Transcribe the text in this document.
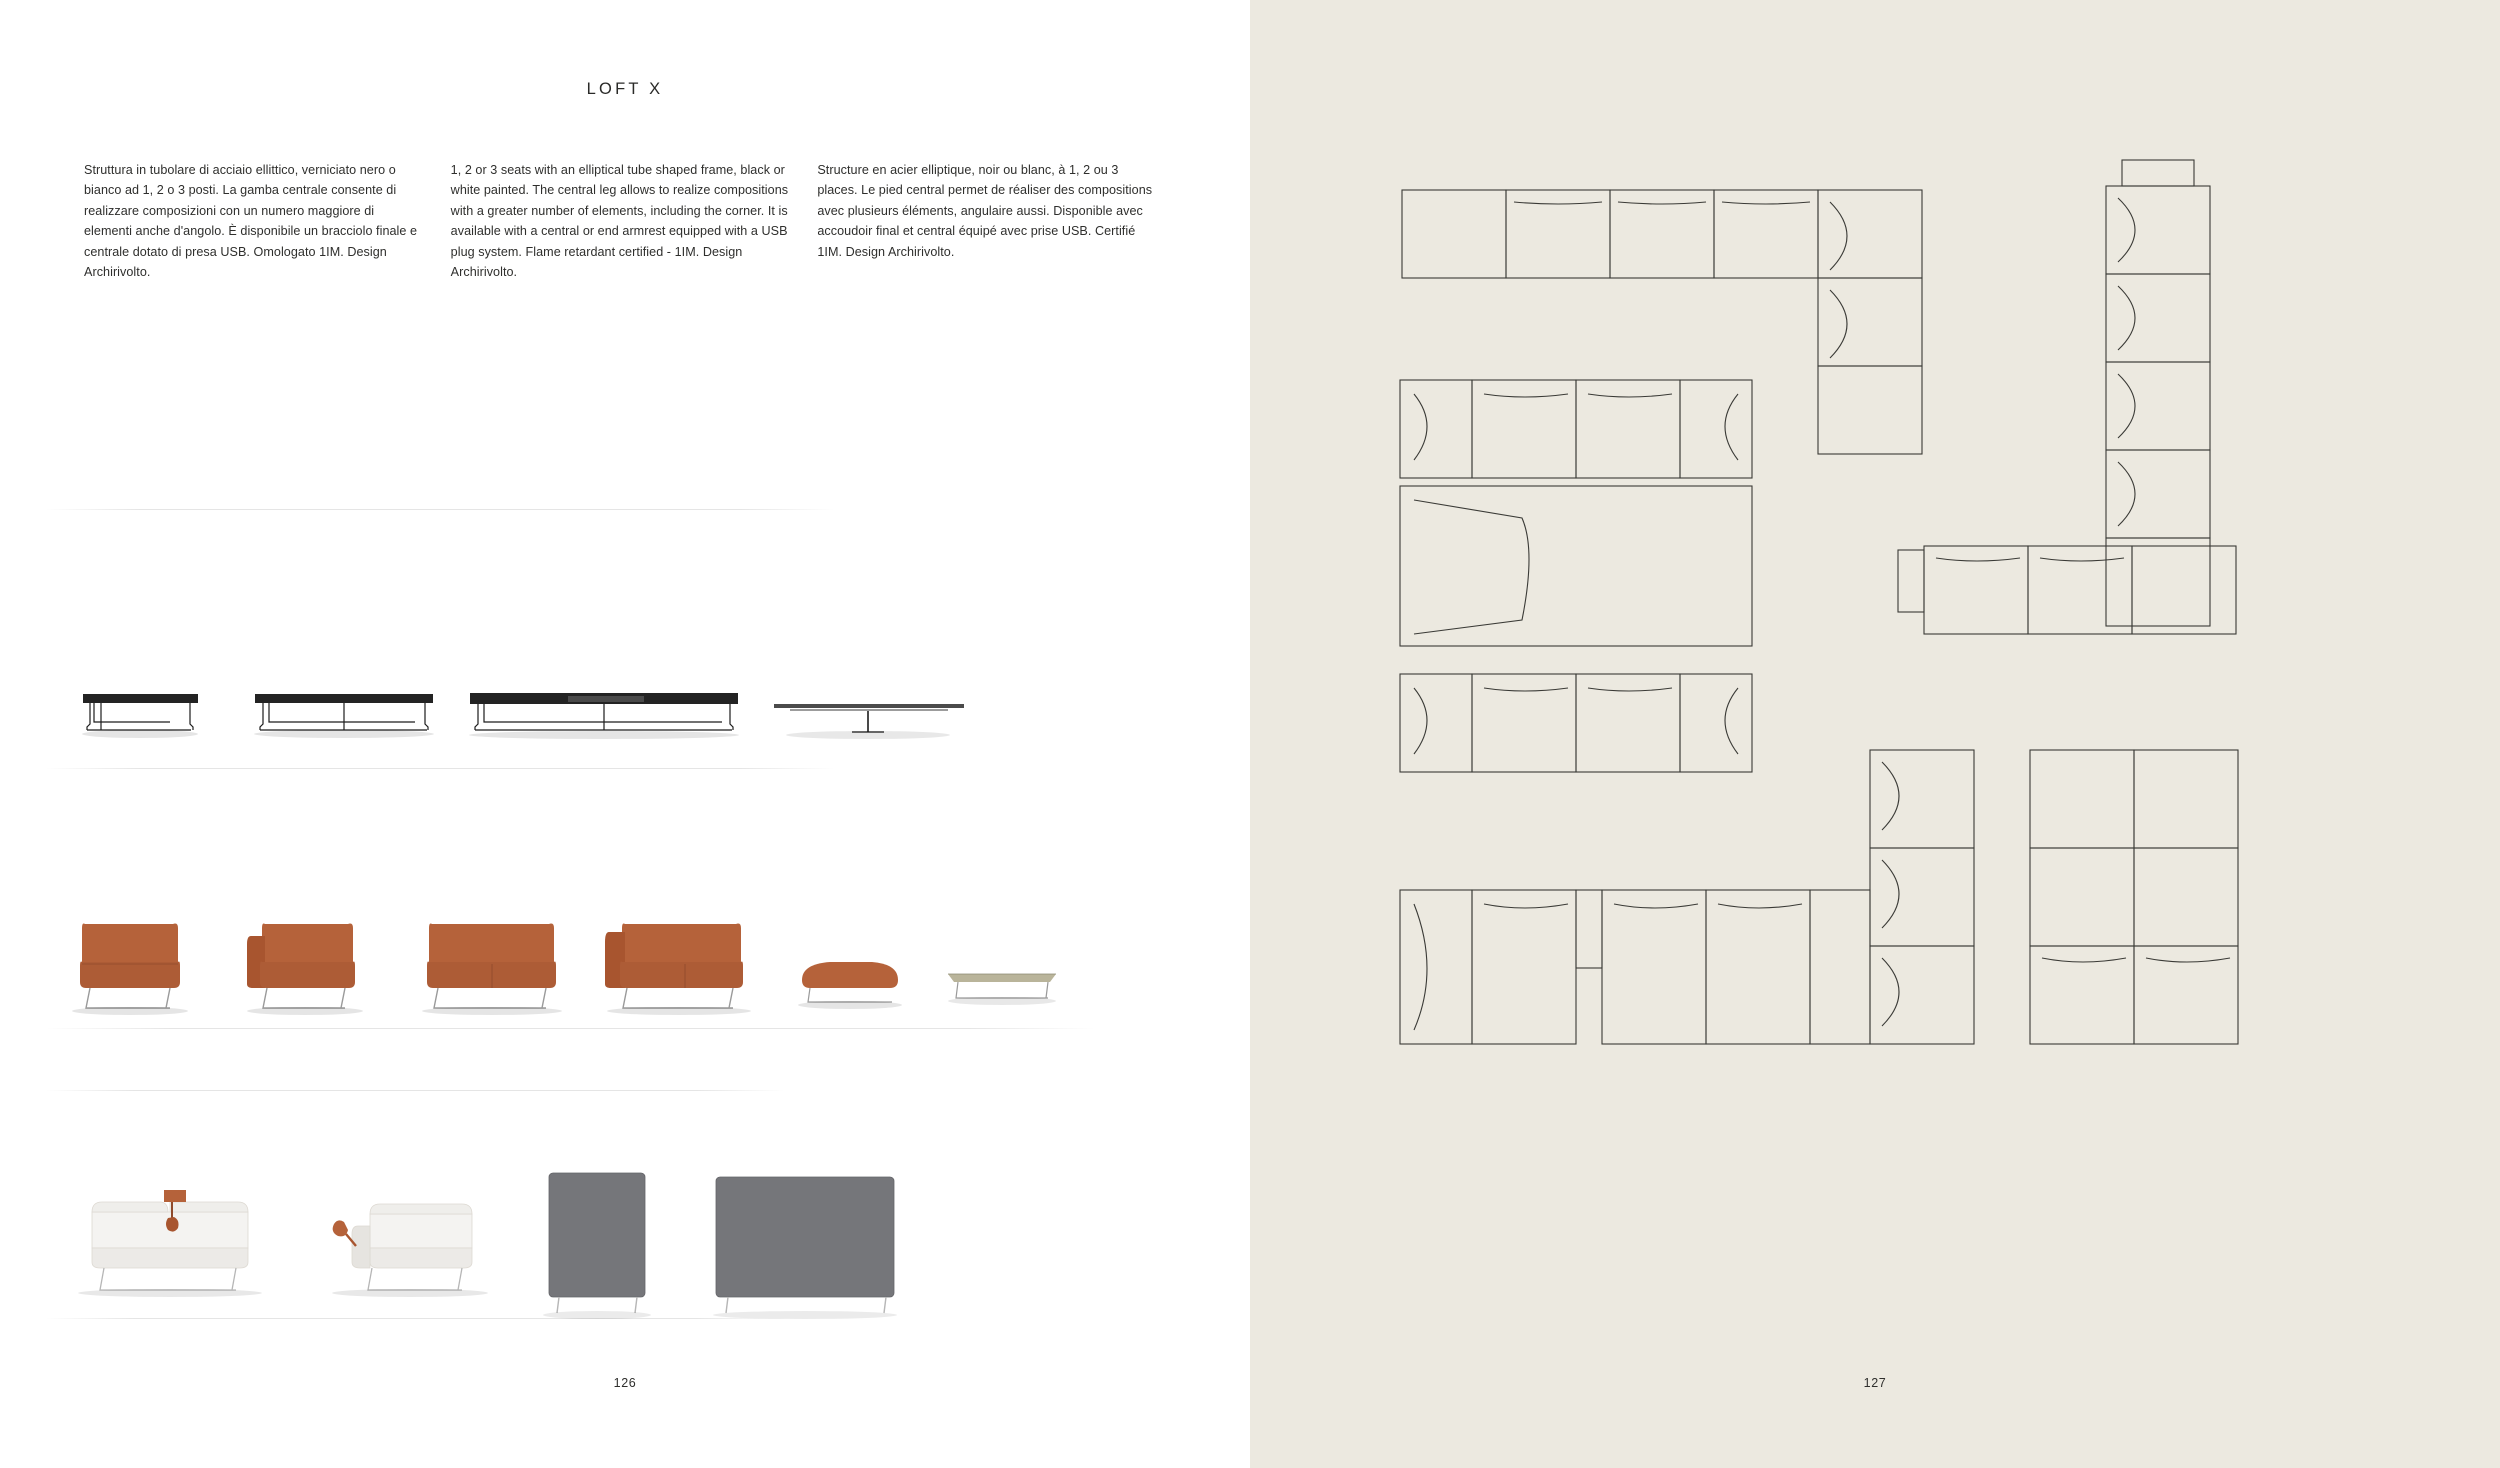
LOFT X

Struttura in tubolare di acciaio ellittico, verniciato nero o bianco ad 1, 2 o 3 posti. La gamba centrale consente di realizzare composizioni con un numero maggiore di elementi anche d'angolo. È disponibile un bracciolo finale e centrale dotato di presa USB. Omologato 1IM. Design Archirivolto.

1, 2 or 3 seats with an elliptical tube shaped frame, black or white painted. The central leg allows to realize compositions with a greater number of elements, including the corner. It is available with a central or end armrest equipped with a USB plug system. Flame retardant certified - 1IM. Design Archirivolto.

Structure en acier elliptique, noir ou blanc, à 1, 2 ou 3 places. Le pied central permet de réaliser des compositions avec plusieurs éléments, angulaire aussi. Disponible avec accoudoir final et central équipé avec prise USB. Certifié 1IM. Design Archirivolto.

126	127
